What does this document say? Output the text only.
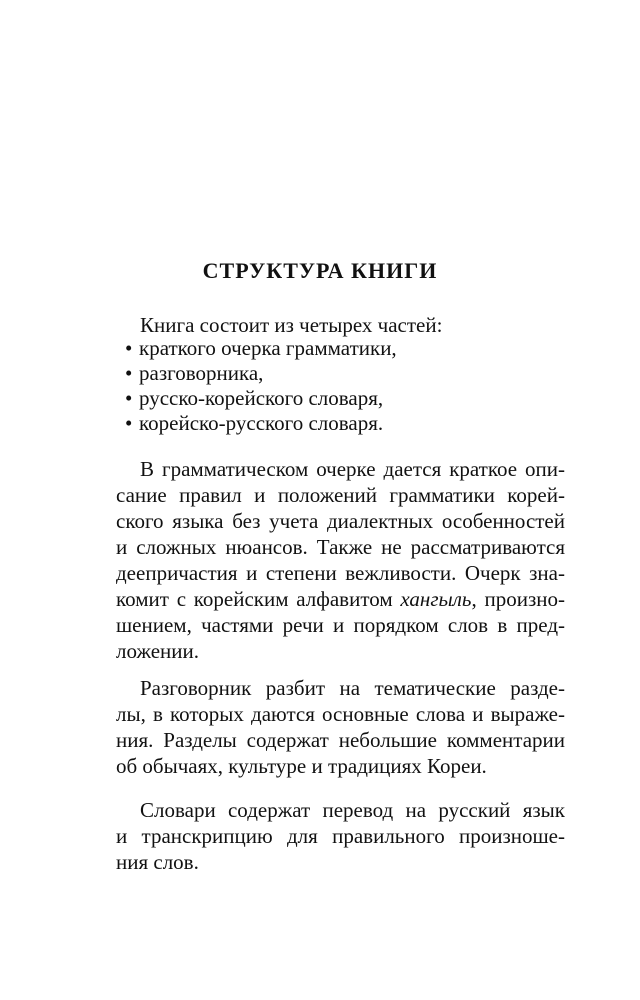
СТРУКТУРА КНИГИ
Книга состоит из четырех частей:
• краткого очерка грамматики,
• разговорника,
• русско-корейского словаря,
• корейско-русского словаря.
В грамматическом очерке дается краткое опи-
сание правил и положений грамматики корей-
ского языка без учета диалектных особенностей
и сложных нюансов. Также не рассматриваются
деепричастия и степени вежливости. Очерк зна-
комит с корейским алфавитом хангыль, произно-
шением, частями речи и порядком слов в пред-
ложении.
Разговорник разбит на тематические разде-
лы, в которых даются основные слова и выраже-
ния. Разделы содержат небольшие комментарии
об обычаях, культуре и традициях Кореи.
Словари содержат перевод на русский язык
и транскрипцию для правильного произноше-
ния слов.
